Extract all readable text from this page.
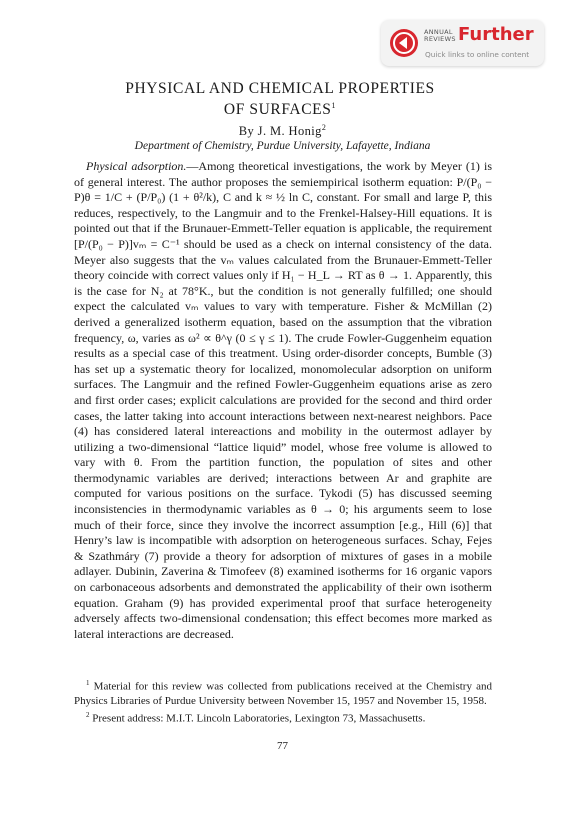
ANNUAL
REVIEWS Further
Quick links to online content
PHYSICAL AND CHEMICAL PROPERTIES
OF SURFACES$^1$
By J. M. Honig$^2$
Department of Chemistry, Purdue University, Lafayette, Indiana

 Physical adsorption.—Among theoretical investigations, the work by Meyer (1) is of general interest. The author proposes the semiempirical isotherm equation: P/(P₀ − P)θ = 1/C + (P/P₀) (1 + θ²/k), C and k ≈ ½ ln C, constant. For small and large P, this reduces, respectively, to the Langmuir and to the Frenkel-Halsey-Hill equations. It is pointed out that if the Brunauer-Emmett-Teller equation is applicable, the requirement [P/(P₀ − P)]vₘ = C⁻¹ should be used as a check on internal consistency of the data. Meyer also suggests that the vₘ values calculated from the Brunauer-Emmett-Teller theory coincide with correct values only if H₁ − H_L → RT as θ → 1. Apparently, this is the case for N₂ at 78°K., but the condition is not generally fulfilled; one should expect the calculated vₘ values to vary with temperature. Fisher & McMillan (2) derived a generalized isotherm equation, based on the assumption that the vibration frequency, ω, varies as ω² ∝ θ^γ (0 ≤ γ ≤ 1). The crude Fowler-Guggenheim equation results as a special case of this treatment. Using order-disorder concepts, Bumble (3) has set up a systematic theory for localized, monomolecular adsorption on uniform surfaces. The Langmuir and the refined Fowler-Guggenheim equations arise as zero and first order cases; explicit calculations are provided for the second and third order cases, the latter taking into account interactions between next-nearest neighbors. Pace (4) has considered lateral intereactions and mobility in the outermost adlayer by utilizing a two-dimensional “lattice liquid” model, whose free volume is allowed to vary with θ. From the partition function, the population of sites and other thermodynamic variables are derived; interactions between Ar and graphite are computed for various positions on the surface. Tykodi (5) has discussed seeming inconsistencies in thermodynamic variables as θ → 0; his arguments seem to lose much of their force, since they involve the incorrect assumption [e.g., Hill (6)] that Henry’s law is incompatible with adsorption on heterogeneous surfaces. Schay, Fejes & Szathmáry (7) provide a theory for adsorption of mixtures of gases in a mobile adlayer. Dubinin, Zaverina & Timofeev (8) examined isotherms for 16 organic vapors on carbonaceous adsorbents and demonstrated the applicability of their own isotherm equation. Graham (9) has provided experimental proof that surface heterogeneity adversely affects two-dimensional condensation; this effect becomes more marked as lateral interactions are decreased.

$^1$ Material for this review was collected from publications received at the Chemistry and Physics Libraries of Purdue University between November 15, 1957 and November 15, 1958.

$^2$ Present address: M.I.T. Lincoln Laboratories, Lexington 73, Massachusetts.

77
